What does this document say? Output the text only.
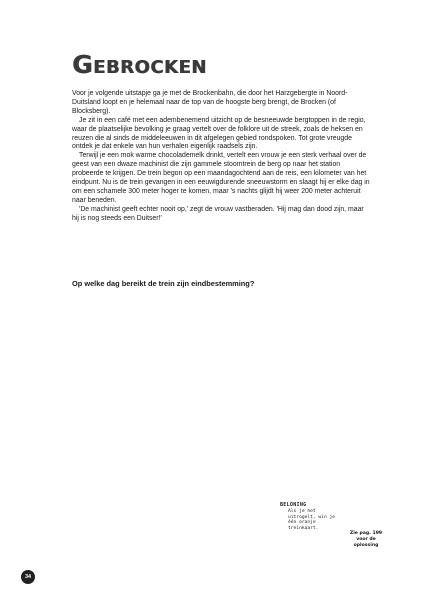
Gebrocken

Voor je volgende uitstapje ga je met de Brockenbahn, die door het Harzgebergte in Noord-Duitsland loopt en je helemaal naar de top van de hoogste berg brengt, de Brocken (of Blocksberg).

Je zit in een café met een adembenemend uitzicht op de besneeuwde bergtoppen in de regio, waar de plaatselijke bevolking je graag vertelt over de folklore uit de streek, zoals de heksen en reuzen die al sinds de middeleeuwen in dit afgelegen gebied rondspoken. Tot grote vreugde ontdek je dat enkele van hun verhalen eigenlijk raadsels zijn.

Terwijl je een mok warme chocolademelk drinkt, vertelt een vrouw je een sterk verhaal over de geest van een dwaze machinist die zijn gammele stoomtrein de berg op naar het station probeerde te krijgen. De trein begon op een maandagochtend aan de reis, een kilometer van het eindpunt. Nu is de trein gevangen in een eeuwigdurende sneeuwstorm en slaagt hij er elke dag in om een schamele 300 meter hoger te komen, maar 's nachts glijdt hij weer 200 meter achteruit naar beneden.

'De machinist geeft echter nooit op,' zegt de vrouw vastberaden. 'Hij mag dan dood zijn, maar hij is nog steeds een Duitser!'

Op welke dag bereikt de trein zijn eindbestemming?

BELONING
Als je het uitrogelt, win je één oranje treinkaart.
Zie pag. 199 voor de oplossing
34
